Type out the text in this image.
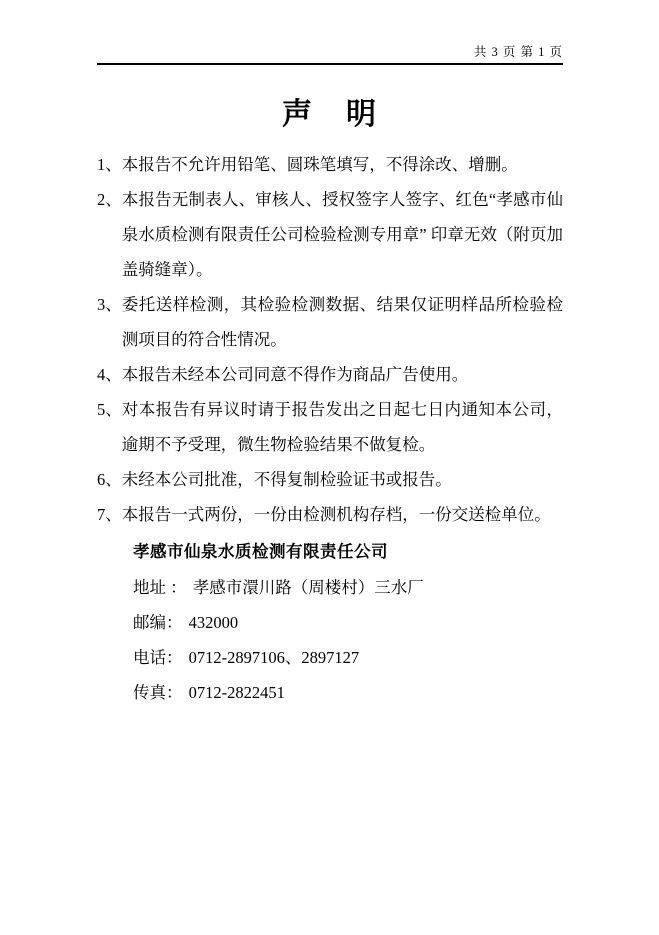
共 3 页 第 1 页
声　明
1、 本报告不允许用铅笔、圆珠笔填写，不得涂改、增删。
2、 本报告无制表人、审核人、授权签字人签字、红色“孝感市仙泉水质检测有限责任公司检验检测专用章” 印章无效（附页加盖骑缝章）。
3、 委托送样检测，其检验检测数据、结果仅证明样品所检验检测项目的符合性情况。
4、 本报告未经本公司同意不得作为商品广告使用。
5、 对本报告有异议时请于报告发出之日起七日内通知本公司，逾期不予受理，微生物检验结果不做复检。
6、 未经本公司批准，不得复制检验证书或报告。
7、 本报告一式两份，一份由检测机构存档，一份交送检单位。
孝感市仙泉水质检测有限责任公司
地址 ： 孝感市澴川路（周楼村）三水厂
邮编： 432000
电话： 0712-2897106、2897127
传真： 0712-2822451
